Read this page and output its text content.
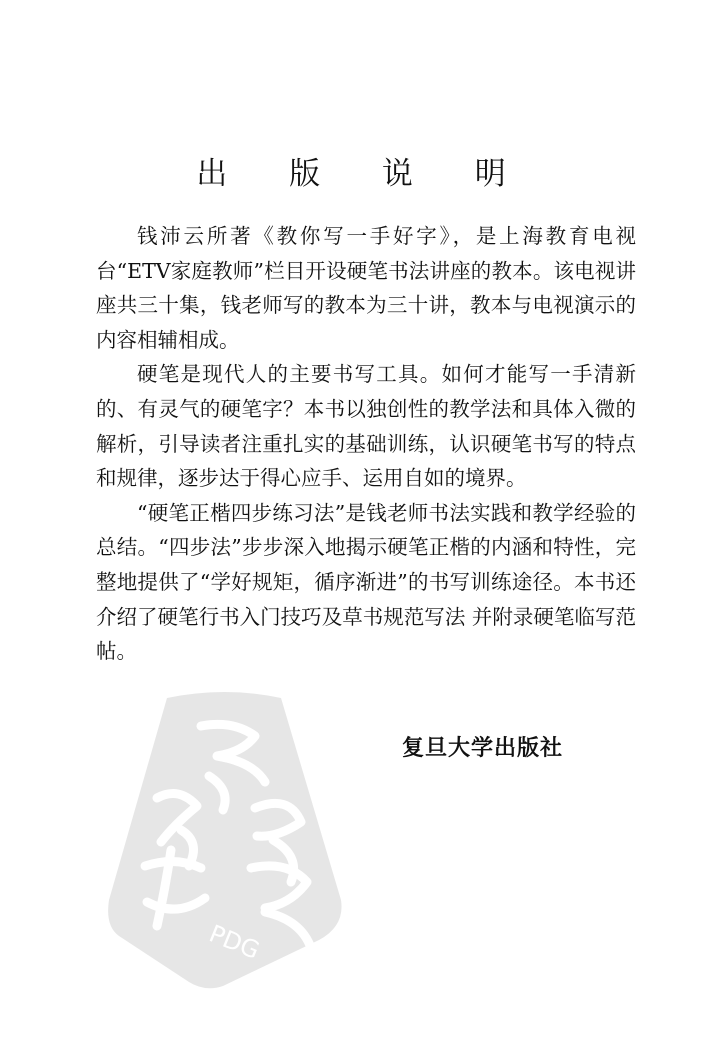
PDG
出 版 说 明

钱沛云所著《教你写一手好字》，是上海教育电视台“ETV家庭教师”栏目开设硬笔书法讲座的教本。该电视讲座共三十集，钱老师写的教本为三十讲，教本与电视演示的内容相辅相成。

硬笔是现代人的主要书写工具。如何才能写一手清新的、有灵气的硬笔字？本书以独创性的教学法和具体入微的解析，引导读者注重扎实的基础训练，认识硬笔书写的特点和规律，逐步达于得心应手、运用自如的境界。

“硬笔正楷四步练习法”是钱老师书法实践和教学经验的总结。“四步法”步步深入地揭示硬笔正楷的内涵和特性，完整地提供了“学好规矩，循序渐进”的书写训练途径。本书还介绍了硬笔行书入门技巧及草书规范写法 并附录硬笔临写范帖。

复旦大学出版社
